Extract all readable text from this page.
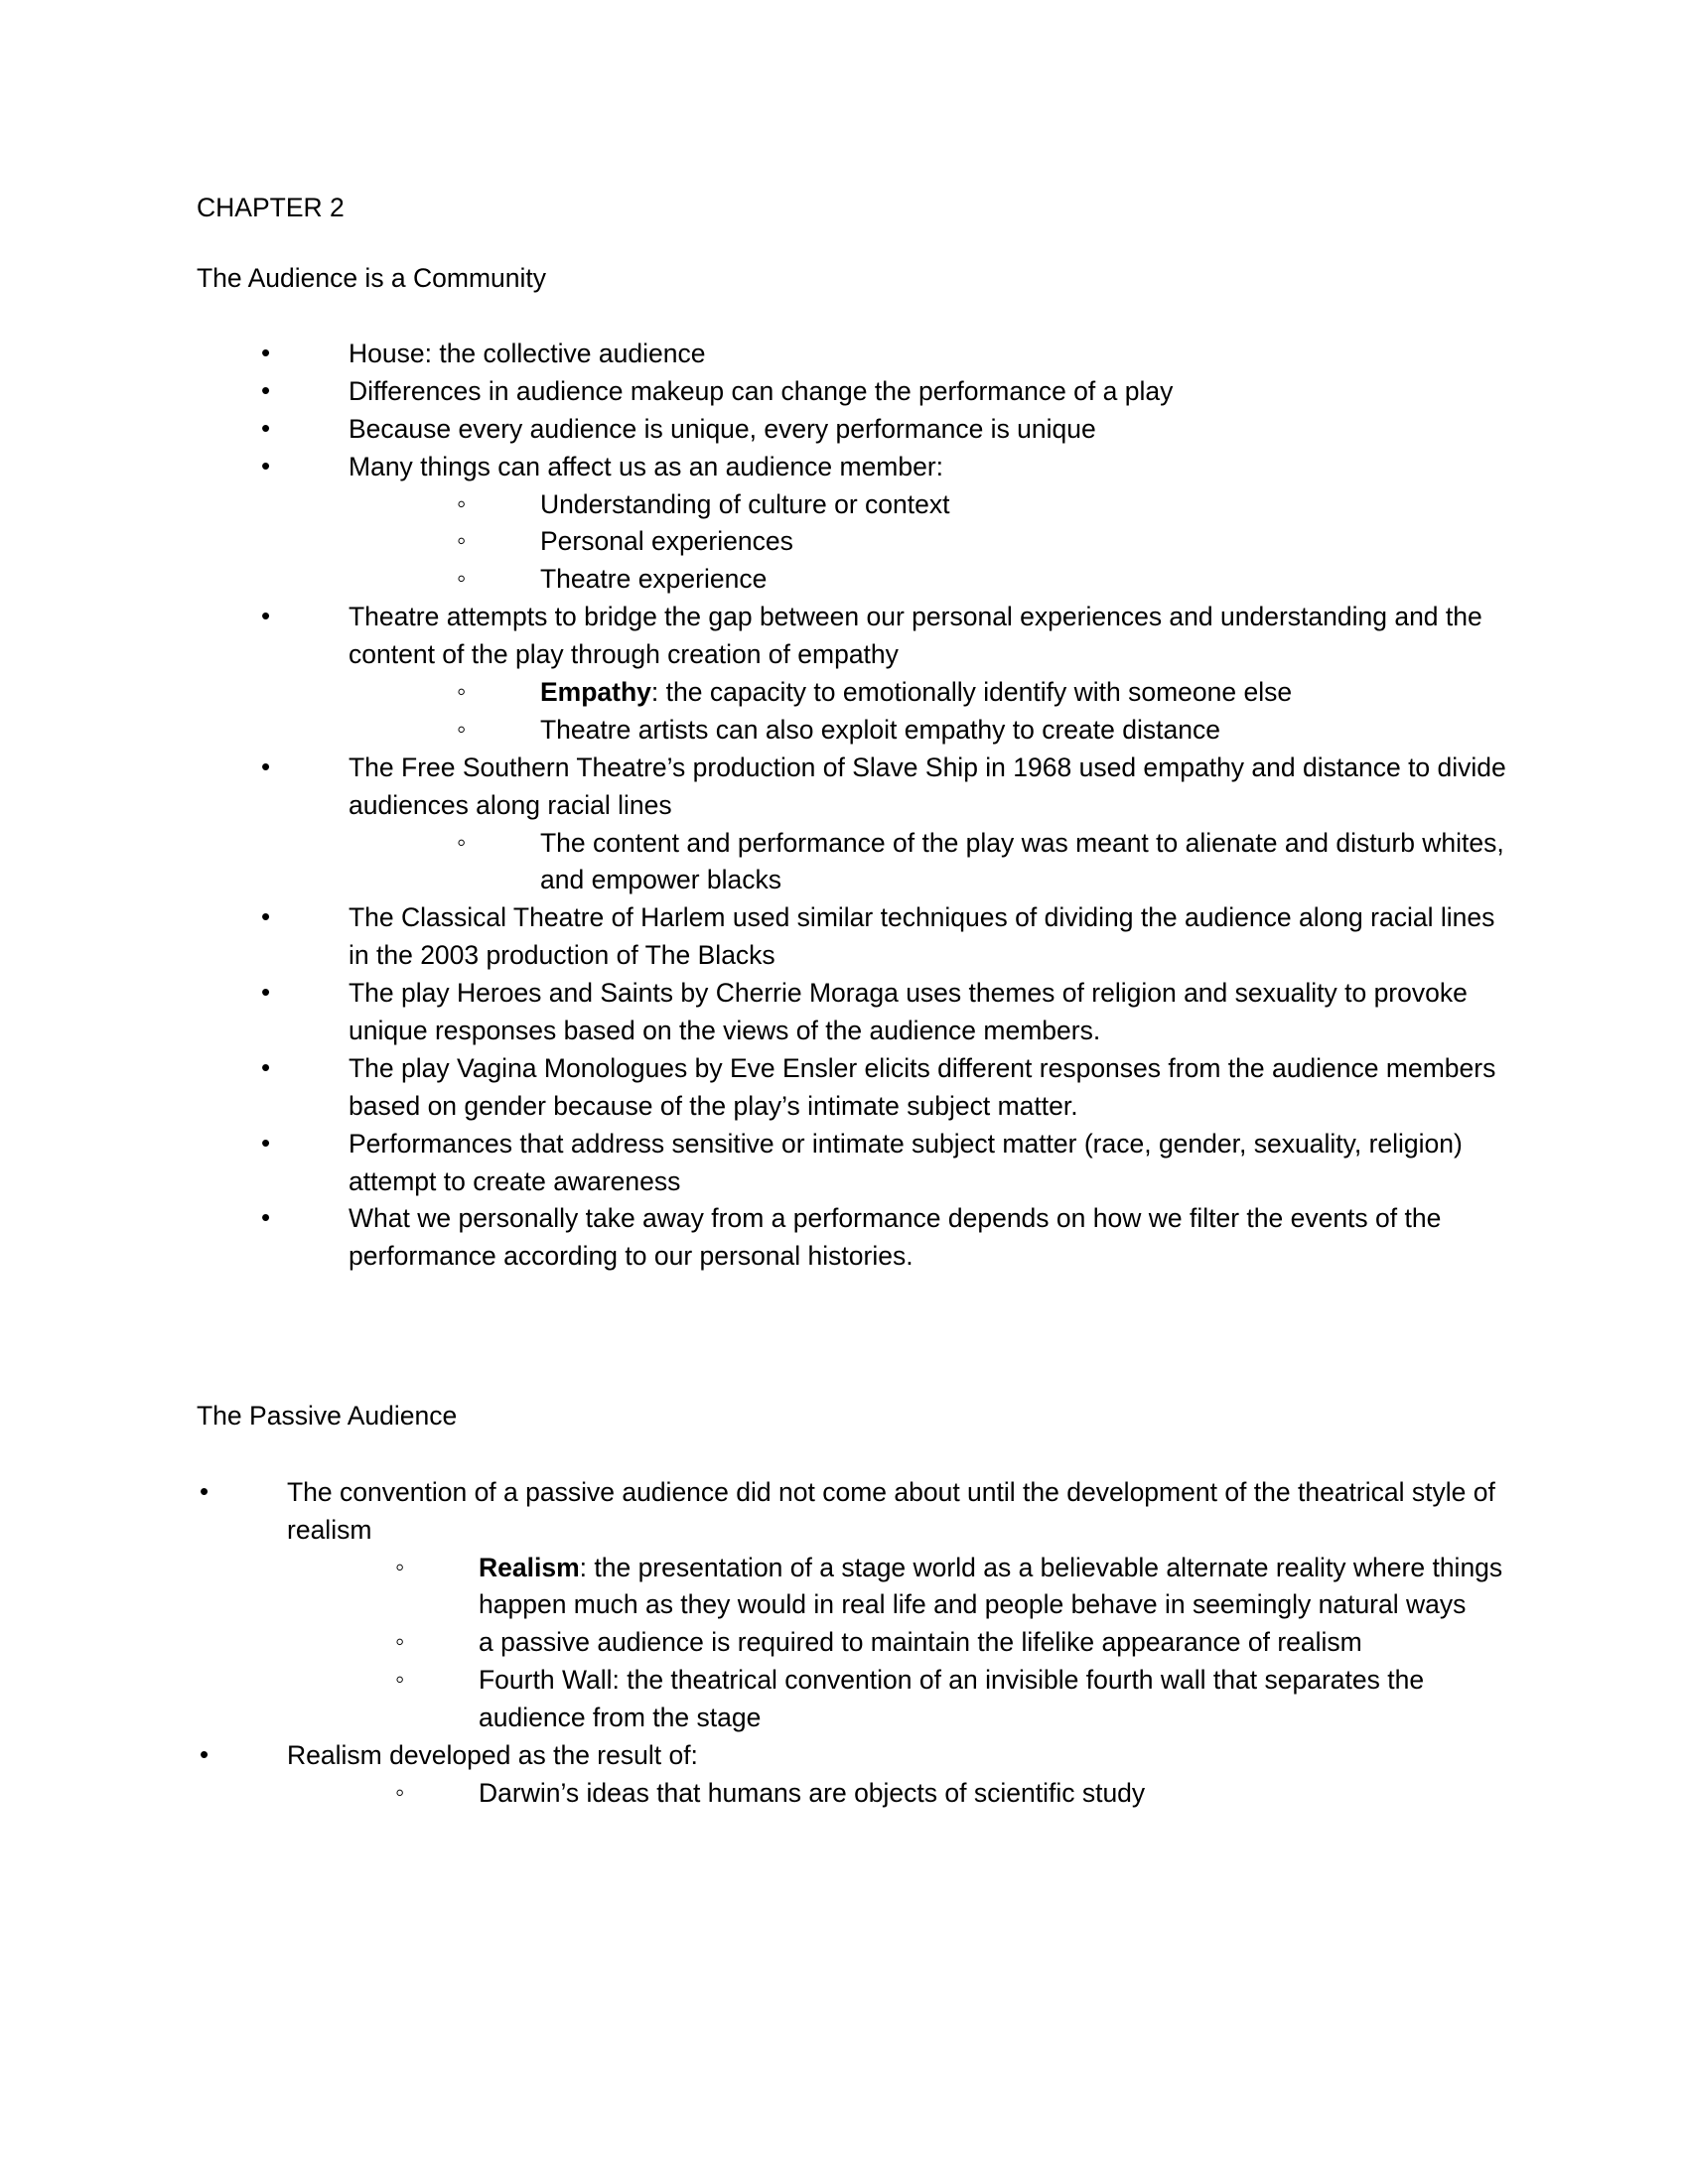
CHAPTER 2
The Audience is a Community
• House: the collective audience
• Differences in audience makeup can change the performance of a play
• Because every audience is unique, every performance is unique
• Many things can affect us as an audience member:
◦ Understanding of culture or context
◦ Personal experiences
◦ Theatre experience
• Theatre attempts to bridge the gap between our personal experiences and understanding and the content of the play through creation of empathy
◦ Empathy: the capacity to emotionally identify with someone else
◦ Theatre artists can also exploit empathy to create distance
• The Free Southern Theatre’s production of Slave Ship in 1968 used empathy and distance to divide audiences along racial lines
◦ The content and performance of the play was meant to alienate and disturb whites, and empower blacks
• The Classical Theatre of Harlem used similar techniques of dividing the audience along racial lines in the 2003 production of The Blacks
• The play Heroes and Saints by Cherrie Moraga uses themes of religion and sexuality to provoke unique responses based on the views of the audience members.
• The play Vagina Monologues by Eve Ensler elicits different responses from the audience members based on gender because of the play’s intimate subject matter.
• Performances that address sensitive or intimate subject matter (race, gender, sexuality, religion) attempt to create awareness
• What we personally take away from a performance depends on how we filter the events of the performance according to our personal histories.
The Passive Audience
• The convention of a passive audience did not come about until the development of the theatrical style of realism
◦ Realism: the presentation of a stage world as a believable alternate reality where things happen much as they would in real life and people behave in seemingly natural ways
◦ a passive audience is required to maintain the lifelike appearance of realism
◦ Fourth Wall: the theatrical convention of an invisible fourth wall that separates the audience from the stage
• Realism developed as the result of:
◦ Darwin’s ideas that humans are objects of scientific study
